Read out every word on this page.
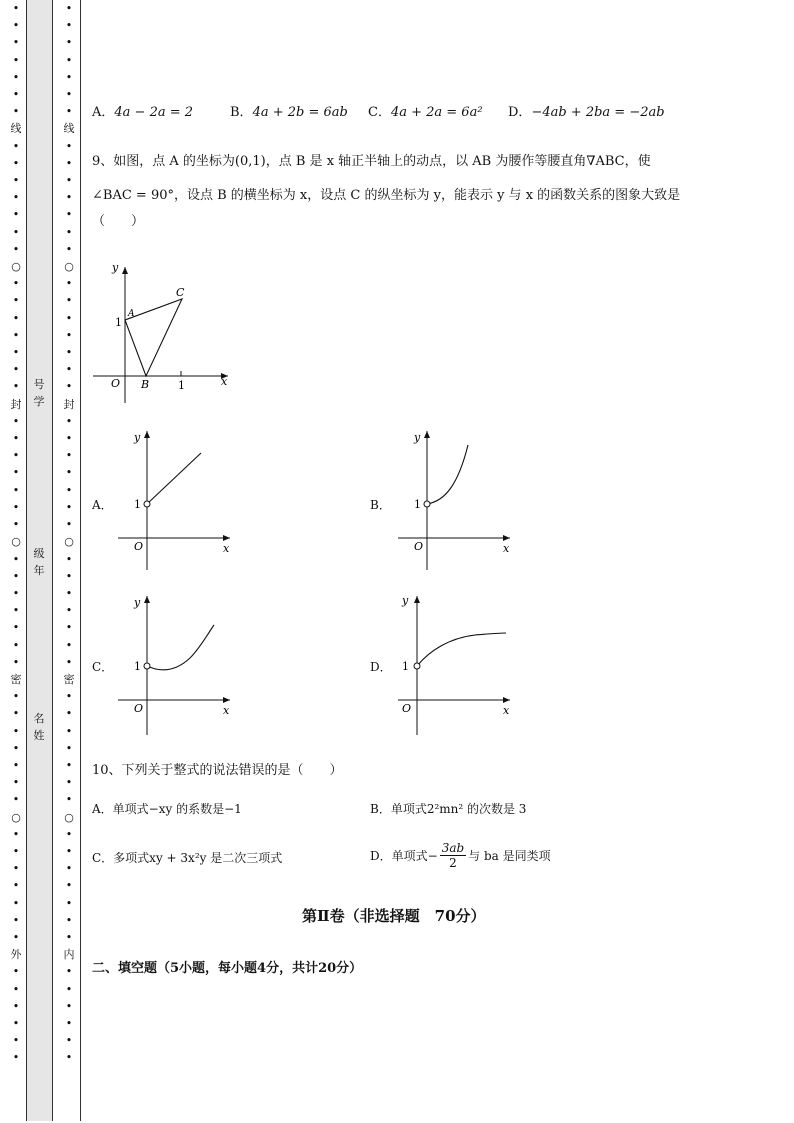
•
•
•
•
•
•
•
线
•
•
•
•
•
•
•
○
•
•
•
•
•
•
•
封
•
•
•
•
•
•
•
○
•
•
•
•
•
•
•
密
•
•
•
•
•
•
•
○
•
•
•
•
•
•
•
外
•
•
•
•
•
•
•
•
•
•
•
•
•
线
•
•
•
•
•
•
•
○
•
•
•
•
•
•
•
封
•
•
•
•
•
•
•
○
•
•
•
•
•
•
•
密
•
•
•
•
•
•
•
○
•
•
•
•
•
•
•
内
•
•
•
•
•
•
号
学
级
年
名
姓
A．4a − 2a = 2	B．4a + 2b = 6ab C．4a + 2a = 6a² D．−4ab + 2ba = −2ab
9、如图，点 A 的坐标为(0,1)，点 B 是 x 轴正半轴上的动点，以 AB 为腰作等腰直角∇ABC，使
∠BAC = 90°，设点 B 的横坐标为 x，设点 C 的纵坐标为 y，能表示 y 与 x 的函数关系的图象大致是
（　　）
y
x
O
1
1
A
B
C
A．
y
x
O
1	B．
y
x
O
1
C．
y
x
O
1	D．
y
x
O
1
10、下列关于整式的说法错误的是（　　）
A．单项式−xy 的系数是−1	B．单项式2²mn² 的次数是 3
C．多项式xy + 3x²y 是二次三项式	D．单项式− $\frac{3ab}{2}$ 与 ba 是同类项
第Ⅱ卷（非选择题　70分）
二、填空题（5小题，每小题4分，共计20分）
